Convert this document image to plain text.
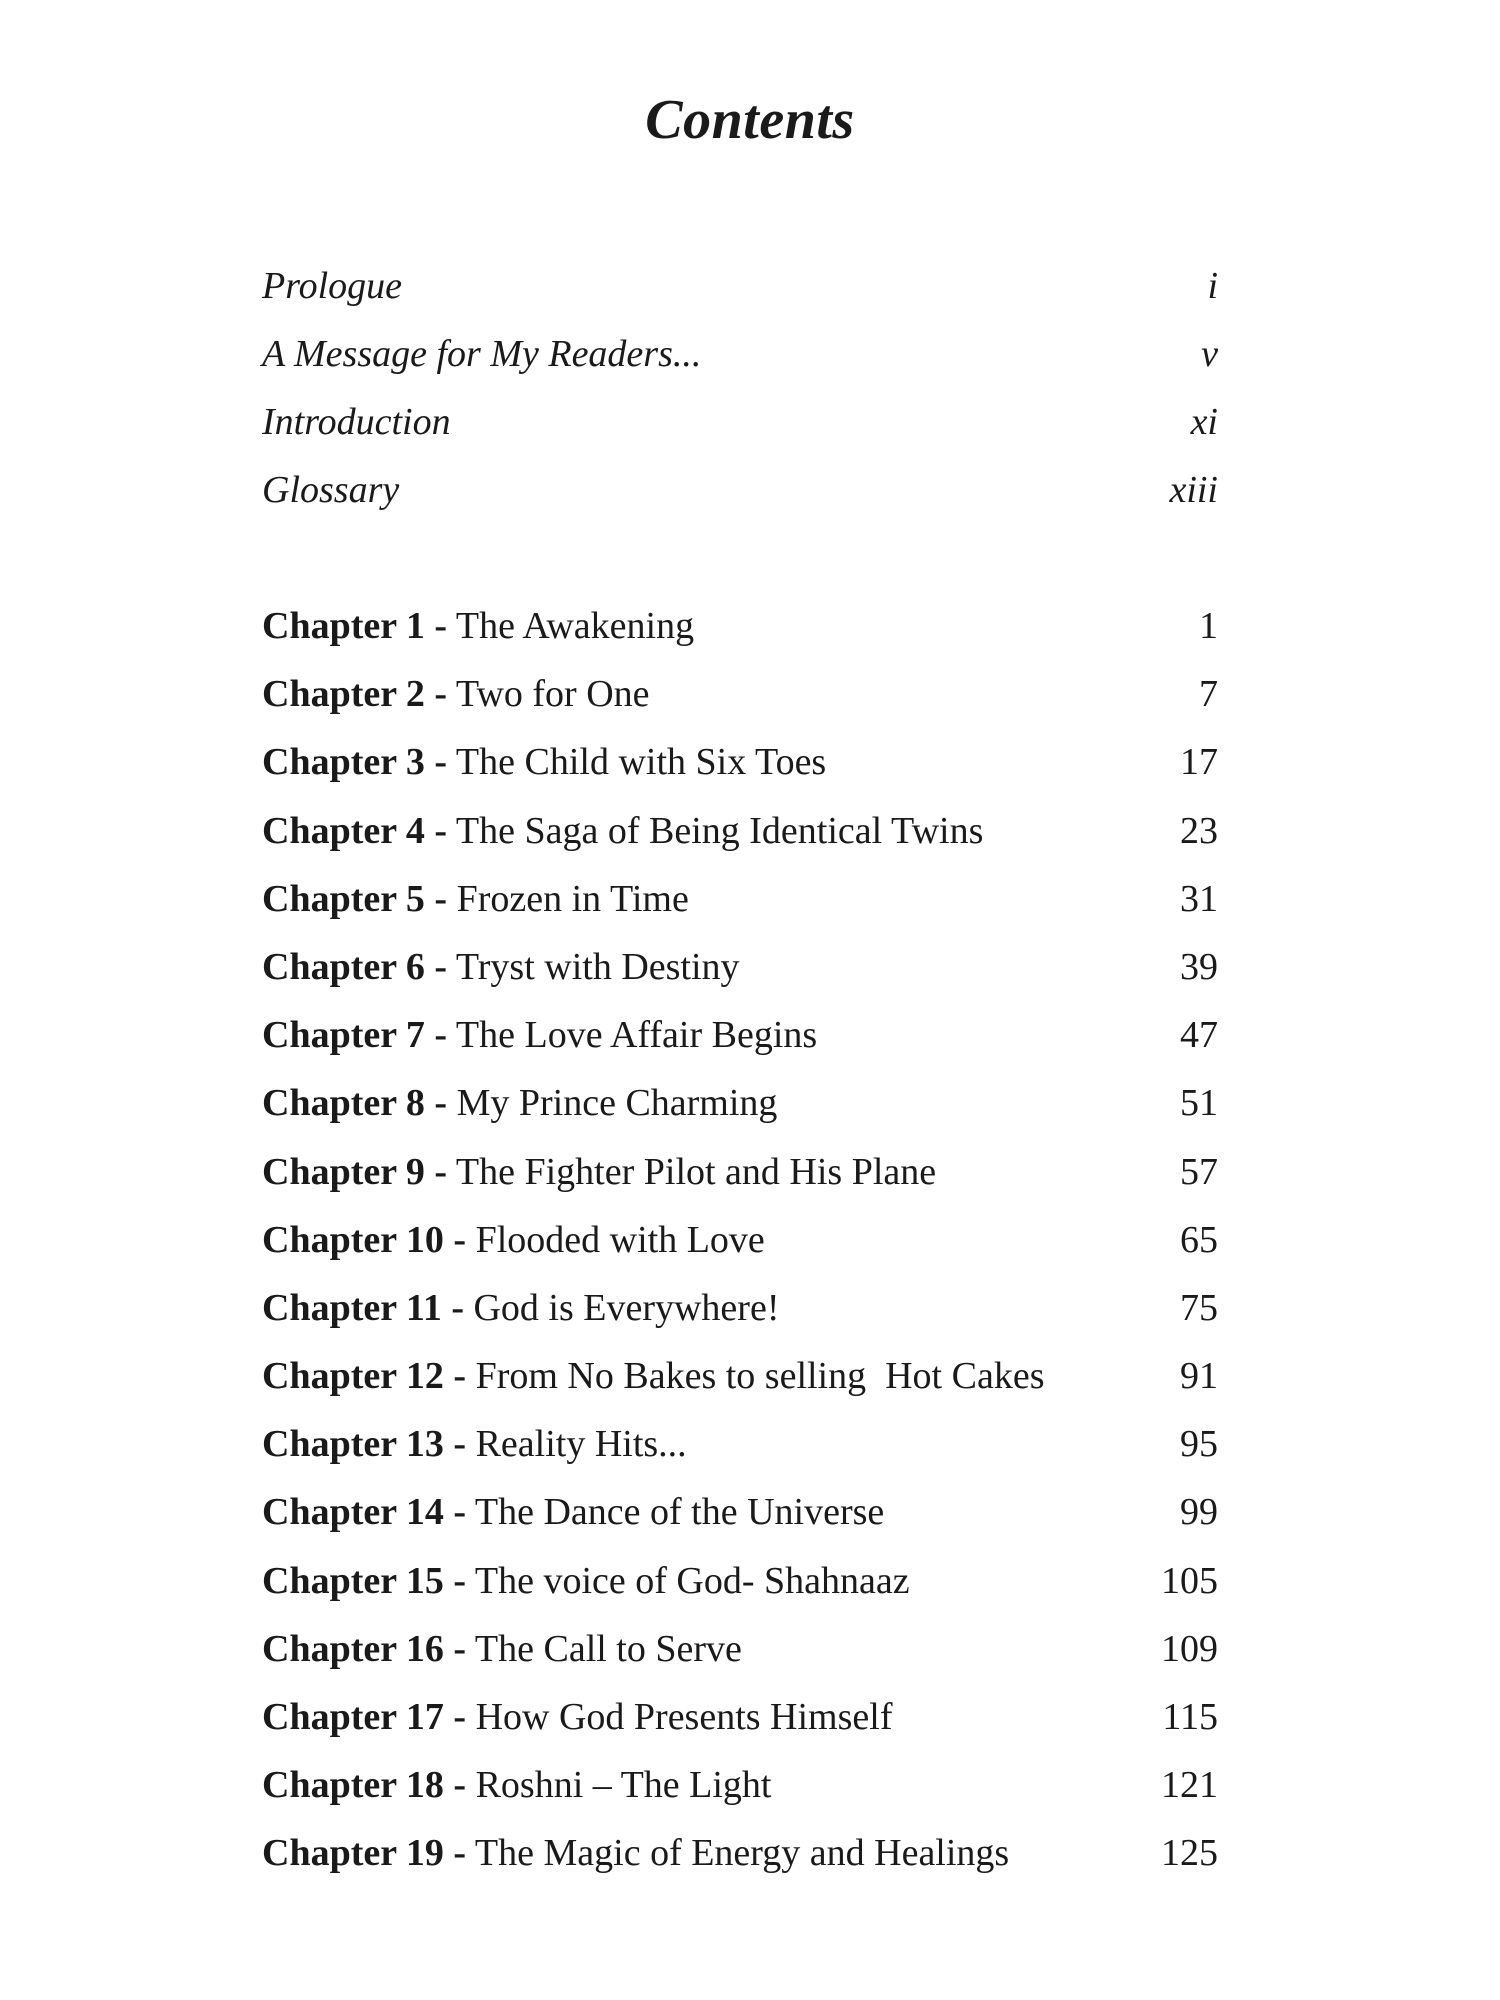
Contents
Prologue	i
A Message for My Readers...	v
Introduction	xi
Glossary	xiii
Chapter 1 - The Awakening	1
Chapter 2 - Two for One	7
Chapter 3 - The Child with Six Toes	17
Chapter 4 - The Saga of Being Identical Twins	23
Chapter 5 - Frozen in Time	31
Chapter 6 - Tryst with Destiny	39
Chapter 7 - The Love Affair Begins	47
Chapter 8 - My Prince Charming	51
Chapter 9 - The Fighter Pilot and His Plane	57
Chapter 10 - Flooded with Love	65
Chapter 11 - God is Everywhere!	75
Chapter 12 - From No Bakes to selling  Hot Cakes	91
Chapter 13 - Reality Hits...	95
Chapter 14 - The Dance of the Universe	99
Chapter 15 - The voice of God- Shahnaaz	105
Chapter 16 - The Call to Serve	109
Chapter 17 - How God Presents Himself	115
Chapter 18 - Roshni – The Light	121
Chapter 19 - The Magic of Energy and Healings	125
